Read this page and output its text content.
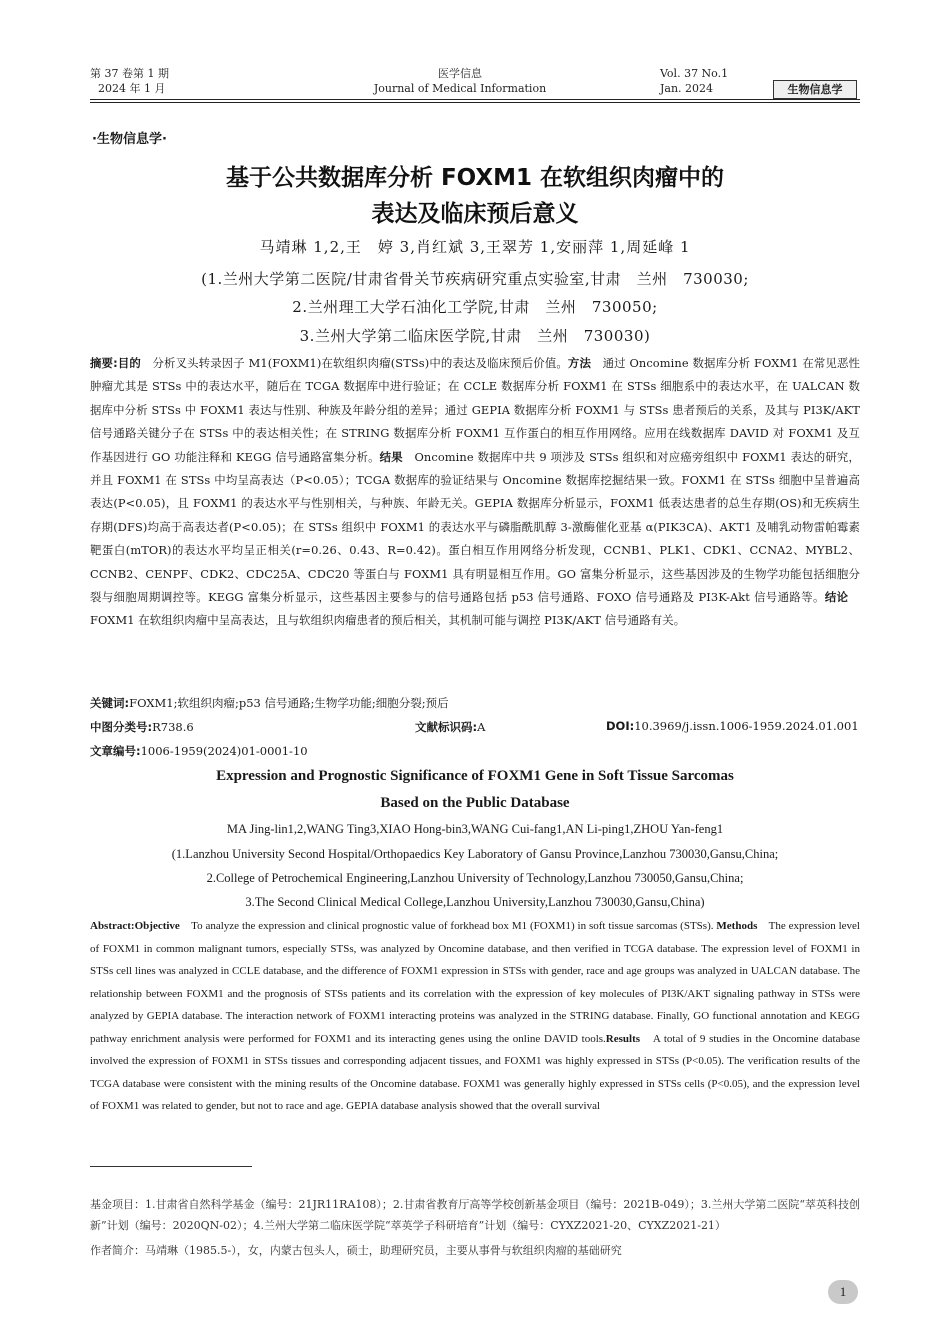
第 37 卷第 1 期
2024 年 1 月
医学信息
Journal of Medical Information
Vol. 37 No.1
Jan. 2024	生物信息学
·生物信息学·
基于公共数据库分析 FOXM1 在软组织肉瘤中的
表达及临床预后意义
马靖琳 1,2,王　婷 3,肖红斌 3,王翠芳 1,安丽萍 1,周延峰 1
(1.兰州大学第二医院/甘肃省骨关节疾病研究重点实验室,甘肃　兰州　730030;
2.兰州理工大学石油化工学院,甘肃　兰州　730050;
3.兰州大学第二临床医学院,甘肃　兰州　730030)
摘要:目的　分析叉头转录因子 M1(FOXM1)在软组织肉瘤(STSs)中的表达及临床预后价值。方法　通过 Oncomine 数据库分析 FOXM1 在常见恶性肿瘤尤其是 STSs 中的表达水平，随后在 TCGA 数据库中进行验证；在 CCLE 数据库分析 FOXM1 在 STSs 细胞系中的表达水平，在 UALCAN 数据库中分析 STSs 中 FOXM1 表达与性别、种族及年龄分组的差异；通过 GEPIA 数据库分析 FOXM1 与 STSs 患者预后的关系，及其与 PI3K/AKT 信号通路关键分子在 STSs 中的表达相关性；在 STRING 数据库分析 FOXM1 互作蛋白的相互作用网络。应用在线数据库 DAVID 对 FOXM1 及互作基因进行 GO 功能注释和 KEGG 信号通路富集分析。结果　Oncomine 数据库中共 9 项涉及 STSs 组织和对应癌旁组织中 FOXM1 表达的研究，并且 FOXM1 在 STSs 中均呈高表达（P<0.05）；TCGA 数据库的验证结果与 Oncomine 数据库挖掘结果一致。FOXM1 在 STSs 细胞中呈普遍高表达(P<0.05)，且 FOXM1 的表达水平与性别相关，与种族、年龄无关。GEPIA 数据库分析显示，FOXM1 低表达患者的总生存期(OS)和无疾病生存期(DFS)均高于高表达者(P<0.05)；在 STSs 组织中 FOXM1 的表达水平与磷脂酰肌醇 3-激酶催化亚基 α(PIK3CA)、AKT1 及哺乳动物雷帕霉素靶蛋白(mTOR)的表达水平均呈正相关(r=0.26、0.43、R=0.42)。蛋白相互作用网络分析发现，CCNB1、PLK1、CDK1、CCNA2、MYBL2、CCNB2、CENPF、CDK2、CDC25A、CDC20 等蛋白与 FOXM1 具有明显相互作用。GO 富集分析显示，这些基因涉及的生物学功能包括细胞分裂与细胞周期调控等。KEGG 富集分析显示，这些基因主要参与的信号通路包括 p53 信号通路、FOXO 信号通路及 PI3K-Akt 信号通路等。结论　FOXM1 在软组织肉瘤中呈高表达，且与软组织肉瘤患者的预后相关，其机制可能与调控 PI3K/AKT 信号通路有关。
关键词:FOXM1;软组织肉瘤;p53 信号通路;生物学功能;细胞分裂;预后
中图分类号:R738.6	文献标识码:A	DOI:10.3969/j.issn.1006-1959.2024.01.001
文章编号:1006-1959(2024)01-0001-10
Expression and Prognostic Significance of FOXM1 Gene in Soft Tissue Sarcomas
Based on the Public Database
MA Jing-lin1,2,WANG Ting3,XIAO Hong-bin3,WANG Cui-fang1,AN Li-ping1,ZHOU Yan-feng1
(1.Lanzhou University Second Hospital/Orthopaedics Key Laboratory of Gansu Province,Lanzhou 730030,Gansu,China;
2.College of Petrochemical Engineering,Lanzhou University of Technology,Lanzhou 730050,Gansu,China;
3.The Second Clinical Medical College,Lanzhou University,Lanzhou 730030,Gansu,China)
Abstract:Objective　To analyze the expression and clinical prognostic value of forkhead box M1 (FOXM1) in soft tissue sarcomas (STSs). Methods　The expression level of FOXM1 in common malignant tumors, especially STSs, was analyzed by Oncomine database, and then verified in TCGA database. The expression level of FOXM1 in STSs cell lines was analyzed in CCLE database, and the difference of FOXM1 expression in STSs with gender, race and age groups was analyzed in UALCAN database. The relationship between FOXM1 and the prognosis of STSs patients and its correlation with the expression of key molecules of PI3K/AKT signaling pathway in STSs were analyzed by GEPIA database. The interaction network of FOXM1 interacting proteins was analyzed in the STRING database. Finally, GO functional annotation and KEGG pathway enrichment analysis were performed for FOXM1 and its interacting genes using the online DAVID tools.Results　A total of 9 studies in the Oncomine database involved the expression of FOXM1 in STSs tissues and corresponding adjacent tissues, and FOXM1 was highly expressed in STSs (P<0.05). The verification results of the TCGA database were consistent with the mining results of the Oncomine database. FOXM1 was generally highly expressed in STSs cells (P<0.05), and the expression level of FOXM1 was related to gender, but not to race and age. GEPIA database analysis showed that the overall survival
基金项目：1.甘肃省自然科学基金（编号：21JR11RA108）；2.甘肃省教育厅高等学校创新基金项目（编号：2021B-049）；3.兰州大学第二医院“萃英科技创新”计划（编号：2020QN-02）；4.兰州大学第二临床医学院“萃英学子科研培育”计划（编号：CYXZ2021-20、CYXZ2021-21）
作者简介：马靖琳（1985.5-），女，内蒙古包头人，硕士，助理研究员，主要从事骨与软组织肉瘤的基础研究
1
